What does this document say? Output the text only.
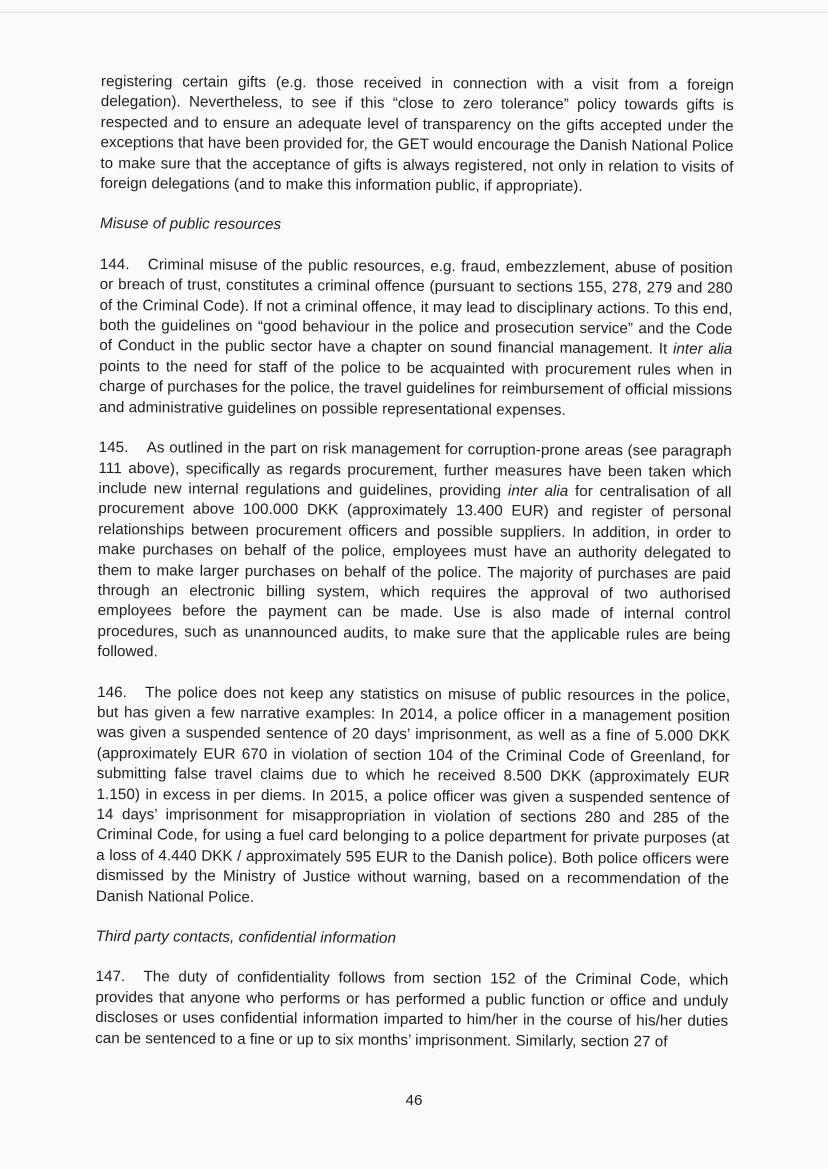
registering certain gifts (e.g. those received in connection with a visit from a foreign delegation). Nevertheless, to see if this “close to zero tolerance” policy towards gifts is respected and to ensure an adequate level of transparency on the gifts accepted under the exceptions that have been provided for, the GET would encourage the Danish National Police to make sure that the acceptance of gifts is always registered, not only in relation to visits of foreign delegations (and to make this information public, if appropriate).

Misuse of public resources

144. Criminal misuse of the public resources, e.g. fraud, embezzlement, abuse of position or breach of trust, constitutes a criminal offence (pursuant to sections 155, 278, 279 and 280 of the Criminal Code). If not a criminal offence, it may lead to disciplinary actions. To this end, both the guidelines on “good behaviour in the police and prosecution service” and the Code of Conduct in the public sector have a chapter on sound financial management. It inter alia points to the need for staff of the police to be acquainted with procurement rules when in charge of purchases for the police, the travel guidelines for reimbursement of official missions and administrative guidelines on possible representational expenses.

145. As outlined in the part on risk management for corruption-prone areas (see paragraph 111 above), specifically as regards procurement, further measures have been taken which include new internal regulations and guidelines, providing inter alia for centralisation of all procurement above 100.000 DKK (approximately 13.400 EUR) and register of personal relationships between procurement officers and possible suppliers. In addition, in order to make purchases on behalf of the police, employees must have an authority delegated to them to make larger purchases on behalf of the police. The majority of purchases are paid through an electronic billing system, which requires the approval of two authorised employees before the payment can be made. Use is also made of internal control procedures, such as unannounced audits, to make sure that the applicable rules are being followed.

146. The police does not keep any statistics on misuse of public resources in the police, but has given a few narrative examples: In 2014, a police officer in a management position was given a suspended sentence of 20 days’ imprisonment, as well as a fine of 5.000 DKK (approximately EUR 670 in violation of section 104 of the Criminal Code of Greenland, for submitting false travel claims due to which he received 8.500 DKK (approximately EUR 1.150) in excess in per diems. In 2015, a police officer was given a suspended sentence of 14 days’ imprisonment for misappropriation in violation of sections 280 and 285 of the Criminal Code, for using a fuel card belonging to a police department for private purposes (at a loss of 4.440 DKK / approximately 595 EUR to the Danish police). Both police officers were dismissed by the Ministry of Justice without warning, based on a recommendation of the Danish National Police.

Third party contacts, confidential information

147. The duty of confidentiality follows from section 152 of the Criminal Code, which provides that anyone who performs or has performed a public function or office and unduly discloses or uses confidential information imparted to him/her in the course of his/her duties can be sentenced to a fine or up to six months’ imprisonment. Similarly, section 27 of

46
